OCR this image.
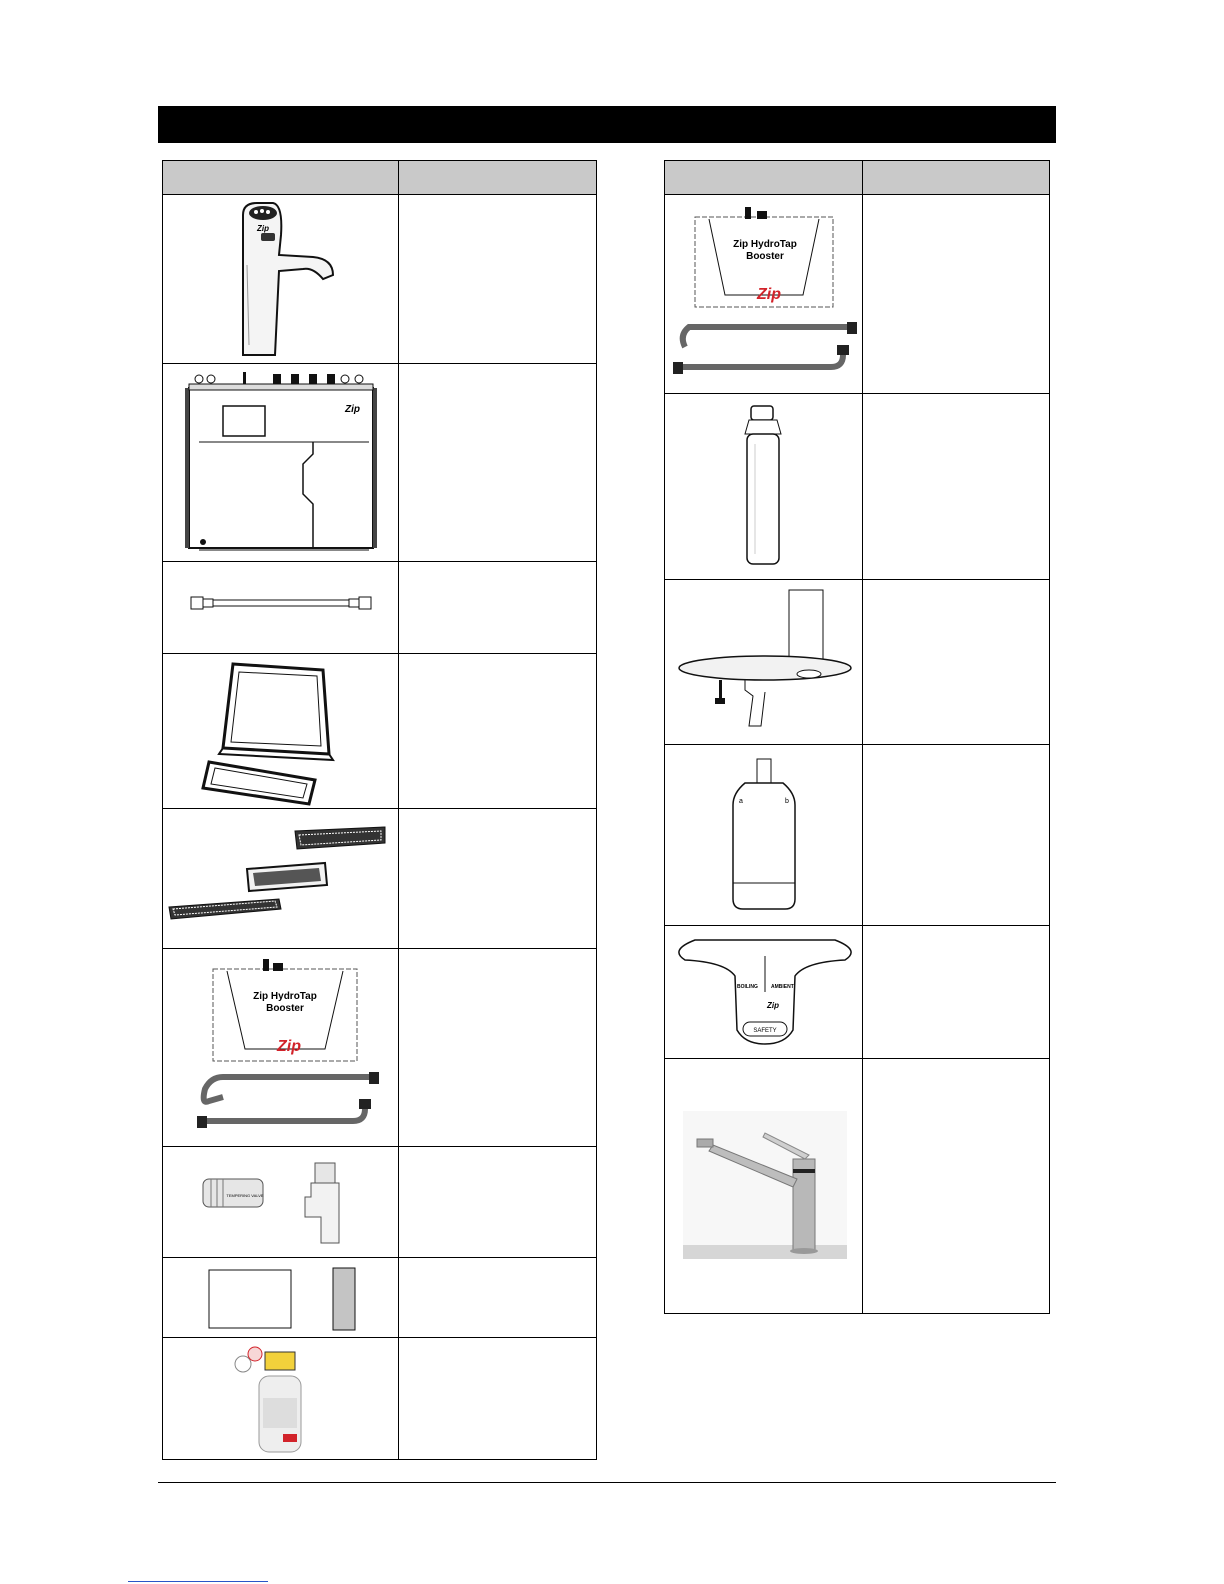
Zip	

Zip	

Zip HydroTap
Booster
Zip	

TEMPERING VALVE	

Zip HydroTap
Booster
Zip	

a b	

BOILING AMBIENT
Zip
SAFETY	
